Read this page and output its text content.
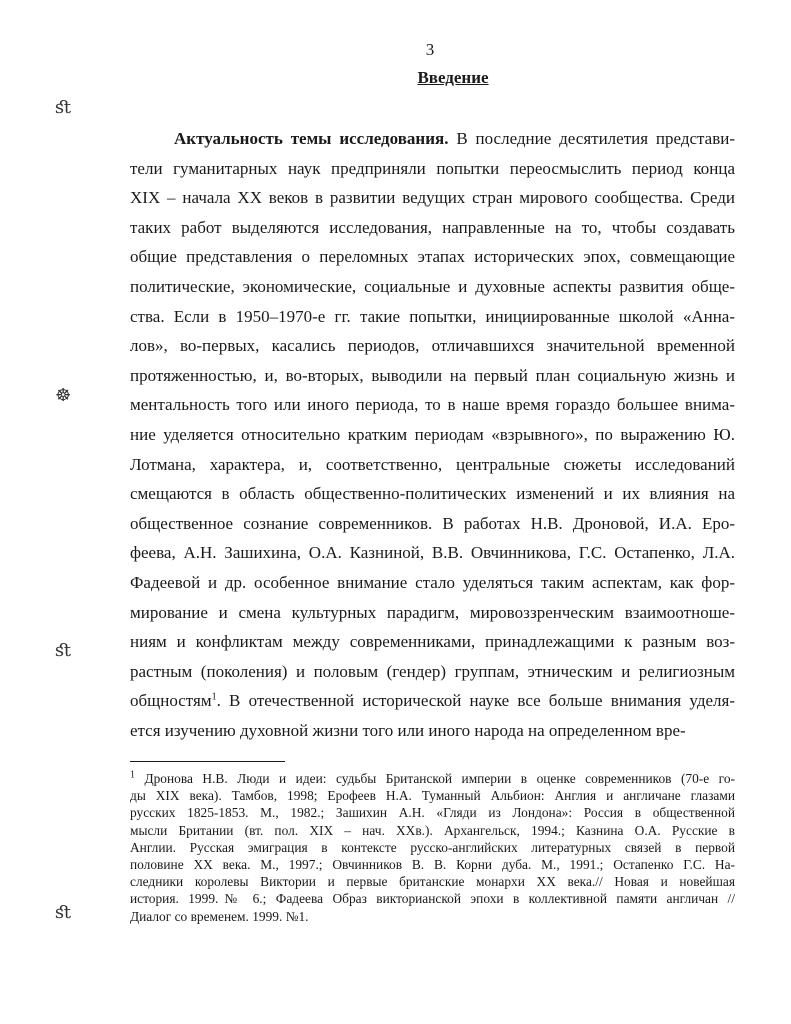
3
Введение
ﬆ
☸
ﬆ
ﬆ
Актуальность темы исследования. В последние десятилетия представи-
тели гуманитарных наук предприняли попытки переосмыслить период конца
XIX – начала XX веков в развитии ведущих стран мирового сообщества. Среди
таких работ выделяются исследования, направленные на то, чтобы создавать
общие представления о переломных этапах исторических эпох, совмещающие
политические, экономические, социальные и духовные аспекты развития обще-
ства. Если в 1950–1970-е гг. такие попытки, инициированные школой «Анна-
лов», во-первых, касались периодов, отличавшихся значительной временной
протяженностью, и, во-вторых, выводили на первый план социальную жизнь и
ментальность того или иного периода, то в наше время гораздо большее внима-
ние уделяется относительно кратким периодам «взрывного», по выражению Ю.
Лотмана, характера, и, соответственно, центральные сюжеты исследований
смещаются в область общественно-политических изменений и их влияния на
общественное сознание современников. В работах Н.В. Дроновой, И.А. Еро-
феева, А.Н. Зашихина, О.А. Казниной, В.В. Овчинникова, Г.С. Остапенко, Л.А.
Фадеевой и др. особенное внимание стало уделяться таким аспектам, как фор-
мирование и смена культурных парадигм, мировоззренческим взаимоотноше-
ниям и конфликтам между современниками, принадлежащими к разным воз-
растным (поколения) и половым (гендер) группам, этническим и религиозным
общностям$^1$. В отечественной исторической науке все больше внимания уделя-
ется изучению духовной жизни того или иного народа на определенном вре-
$^1$ Дронова Н.В. Люди и идеи: судьбы Британской империи в оценке современников (70-е го-
ды XIX века). Тамбов, 1998; Ерофеев Н.А. Туманный Альбион: Англия и англичане глазами
русских 1825-1853. М., 1982.; Зашихин А.Н. «Гляди из Лондона»: Россия в общественной
мысли Британии (вт. пол. XIX – нач. XXв.). Архангельск, 1994.; Казнина О.А. Русские в
Англии. Русская эмиграция в контексте русско-английских литературных связей в первой
половине XX века. М., 1997.; Овчинников В. В. Корни дуба. М., 1991.; Остапенко Г.С. На-
следники королевы Виктории и первые британские монархи XX века.// Новая и новейшая
история. 1999.№ 6.; Фадеева Образ викторианской эпохи в коллективной памяти англичан //
Диалог со временем. 1999. №1.
